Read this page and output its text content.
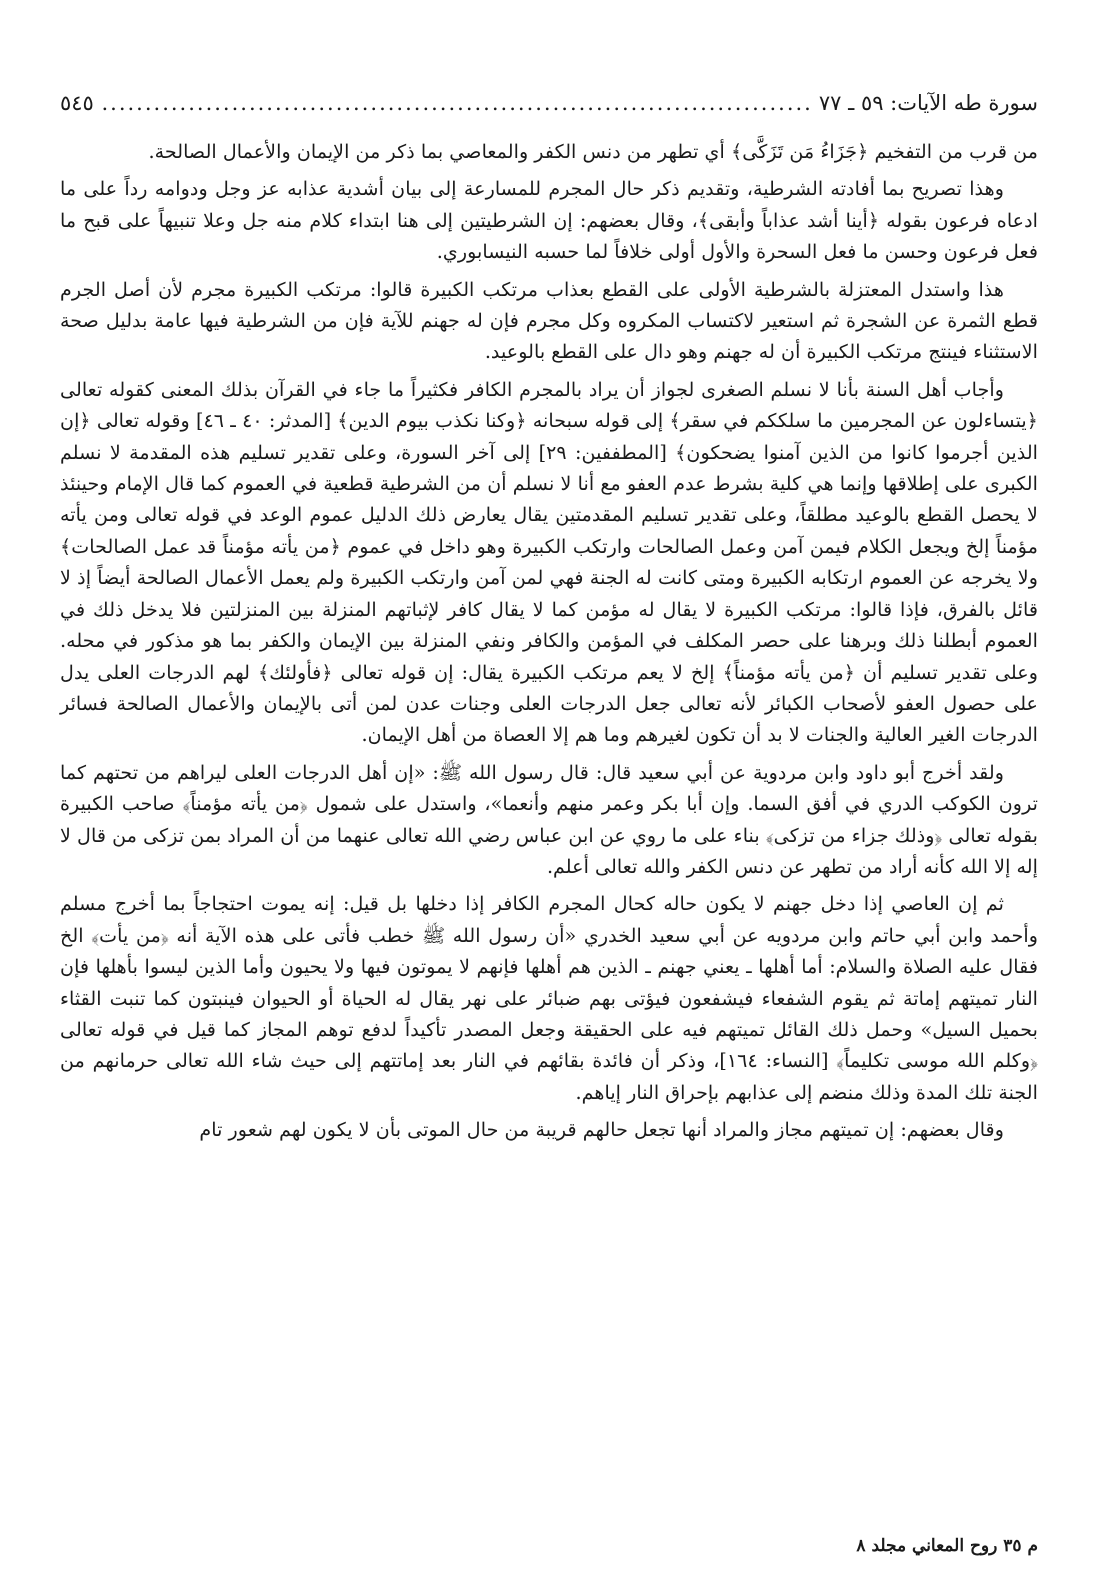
سورة طه الآيات: ٥٩ ـ ٧٧
.....
٥٤٥

من قرب من التفخيم ﴿جَزَاءُ مَن تَزَكَّى﴾ أي تطهر من دنس الكفر والمعاصي بما ذكر من الإيمان والأعمال الصالحة.

وهذا تصريح بما أفادته الشرطية، وتقديم ذكر حال المجرم للمسارعة إلى بيان أشدية عذابه عز وجل ودوامه رداً على ما ادعاه فرعون بقوله ﴿أينا أشد عذاباً وأبقى﴾، وقال بعضهم: إن الشرطيتين إلى هنا ابتداء كلام منه جل وعلا تنبيهاً على قبح ما فعل فرعون وحسن ما فعل السحرة والأول أولى خلافاً لما حسبه النيسابوري.

هذا واستدل المعتزلة بالشرطية الأولى على القطع بعذاب مرتكب الكبيرة قالوا: مرتكب الكبيرة مجرم لأن أصل الجرم قطع الثمرة عن الشجرة ثم استعير لاكتساب المكروه وكل مجرم فإن له جهنم للآية فإن من الشرطية فيها عامة بدليل صحة الاستثناء فينتج مرتكب الكبيرة أن له جهنم وهو دال على القطع بالوعيد.

وأجاب أهل السنة بأنا لا نسلم الصغرى لجواز أن يراد بالمجرم الكافر فكثيراً ما جاء في القرآن بذلك المعنى كقوله تعالى ﴿يتساءلون عن المجرمين ما سلككم في سقر﴾ إلى قوله سبحانه ﴿وكنا نكذب بيوم الدين﴾ [المدثر: ٤٠ ـ ٤٦] وقوله تعالى ﴿إن الذين أجرموا كانوا من الذين آمنوا يضحكون﴾ [المطففين: ٢٩] إلى آخر السورة، وعلى تقدير تسليم هذه المقدمة لا نسلم الكبرى على إطلاقها وإنما هي كلية بشرط عدم العفو مع أنا لا نسلم أن من الشرطية قطعية في العموم كما قال الإمام وحينئذ لا يحصل القطع بالوعيد مطلقاً، وعلى تقدير تسليم المقدمتين يقال يعارض ذلك الدليل عموم الوعد في قوله تعالى ومن يأته مؤمناً إلخ ويجعل الكلام فيمن آمن وعمل الصالحات وارتكب الكبيرة وهو داخل في عموم ﴿من يأته مؤمناً قد عمل الصالحات﴾ ولا يخرجه عن العموم ارتكابه الكبيرة ومتى كانت له الجنة فهي لمن آمن وارتكب الكبيرة ولم يعمل الأعمال الصالحة أيضاً إذ لا قائل بالفرق، فإذا قالوا: مرتكب الكبيرة لا يقال له مؤمن كما لا يقال كافر لإثباتهم المنزلة بين المنزلتين فلا يدخل ذلك في العموم أبطلنا ذلك وبرهنا على حصر المكلف في المؤمن والكافر ونفي المنزلة بين الإيمان والكفر بما هو مذكور في محله. وعلى تقدير تسليم أن ﴿من يأته مؤمناً﴾ إلخ لا يعم مرتكب الكبيرة يقال: إن قوله تعالى ﴿فأولئك﴾ لهم الدرجات العلى يدل على حصول العفو لأصحاب الكبائر لأنه تعالى جعل الدرجات العلى وجنات عدن لمن أتى بالإيمان والأعمال الصالحة فسائر الدرجات الغير العالية والجنات لا بد أن تكون لغيرهم وما هم إلا العصاة من أهل الإيمان.

ولقد أخرج أبو داود وابن مردوية عن أبي سعيد قال: قال رسول الله ﷺ: «إن أهل الدرجات العلى ليراهم من تحتهم كما ترون الكوكب الدري في أفق السما. وإن أبا بكر وعمر منهم وأنعما»، واستدل على شمول ﴿من يأته مؤمناً﴾ صاحب الكبيرة بقوله تعالى ﴿وذلك جزاء من تزكى﴾ بناء على ما روي عن ابن عباس رضي الله تعالى عنهما من أن المراد بمن تزكى من قال لا إله إلا الله كأنه أراد من تطهر عن دنس الكفر والله تعالى أعلم.

ثم إن العاصي إذا دخل جهنم لا يكون حاله كحال المجرم الكافر إذا دخلها بل قيل: إنه يموت احتجاجاً بما أخرج مسلم وأحمد وابن أبي حاتم وابن مردويه عن أبي سعيد الخدري «أن رسول الله ﷺ خطب فأتى على هذه الآية أنه ﴿من يأت﴾ الخ فقال عليه الصلاة والسلام: أما أهلها ـ يعني جهنم ـ الذين هم أهلها فإنهم لا يموتون فيها ولا يحيون وأما الذين ليسوا بأهلها فإن النار تميتهم إماتة ثم يقوم الشفعاء فيشفعون فيؤتى بهم ضبائر على نهر يقال له الحياة أو الحيوان فينبتون كما تنبت القثاء بحميل السيل» وحمل ذلك القائل تميتهم فيه على الحقيقة وجعل المصدر تأكيداً لدفع توهم المجاز كما قيل في قوله تعالى ﴿وكلم الله موسى تكليماً﴾ [النساء: ١٦٤]، وذكر أن فائدة بقائهم في النار بعد إماتتهم إلى حيث شاء الله تعالى حرمانهم من الجنة تلك المدة وذلك منضم إلى عذابهم بإحراق النار إياهم.

وقال بعضهم: إن تميتهم مجاز والمراد أنها تجعل حالهم قريبة من حال الموتى بأن لا يكون لهم شعور تام

م ٣٥ روح المعاني مجلد ٨
